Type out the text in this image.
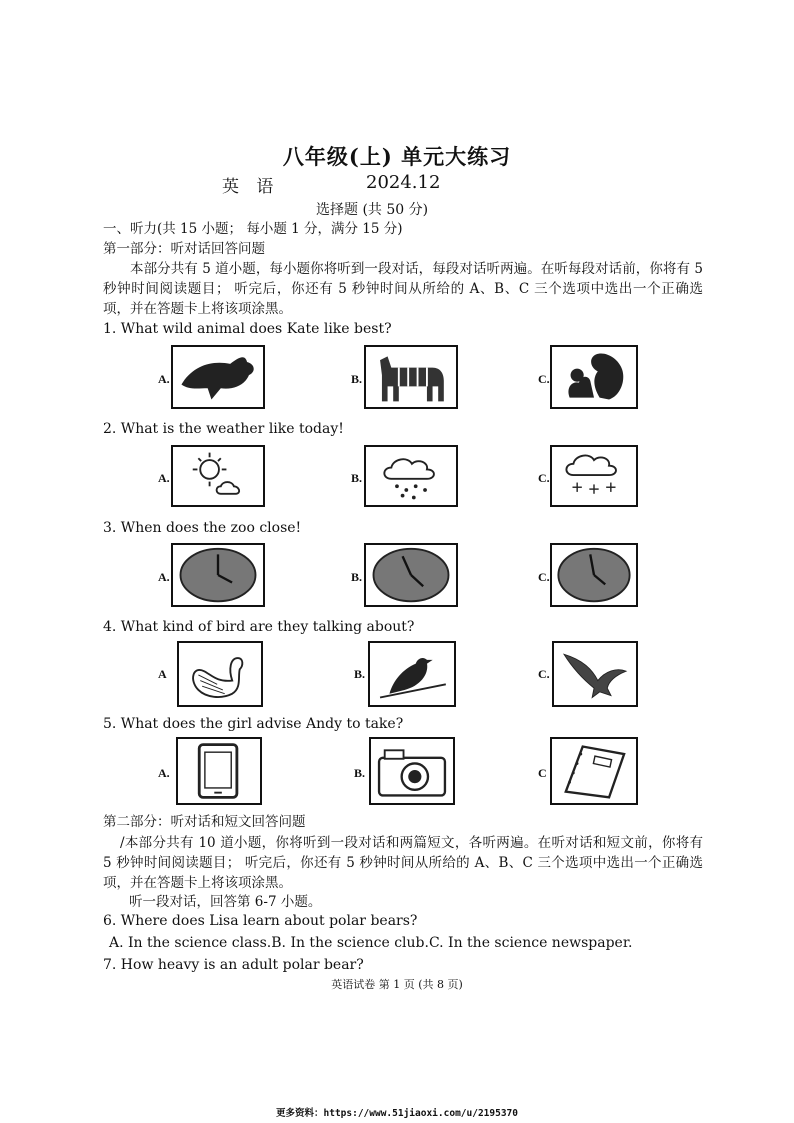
八年级(上) 单元大练习
英 语	2024.12
选择题 (共 50 分)
一、听力(共 15 小题； 每小题 1 分，满分 15 分)
第一部分：听对话回答问题
本部分共有 5 道小题，每小题你将听到一段对话，每段对话听两遍。在听每段对话前，你将有 5 秒钟时间阅读题目； 听完后，你还有 5 秒钟时间从所给的 A、B、C 三个选项中选出一个正确选项，并在答题卡上将该项涂黑。
1. What wild animal does Kate like best?
A.	B.	C.
2. What is the weather like today!
A.	B.	C.
3. When does the zoo close!
A.	B.	C.
4. What kind of bird are they talking about?
A	B.	C.
5. What does the girl advise Andy to take?
A.	B.	C
第二部分：听对话和短文回答问题
/本部分共有 10 道小题，你将听到一段对话和两篇短文，各听两遍。在听对话和短文前，你将有 5 秒钟时间阅读题目； 听完后，你还有 5 秒钟时间从所给的 A、B、C 三个选项中选出一个正确选项，并在答题卡上将该项涂黑。
听一段对话，回答第 6-7 小题。
6. Where does Lisa learn about polar bears?
A. In the science class.B. In the science club.C. In the science newspaper.
7. How heavy is an adult polar bear?
英语试卷 第 1 页 (共 8 页)
更多资料：https://www.51jiaoxi.com/u/2195370
